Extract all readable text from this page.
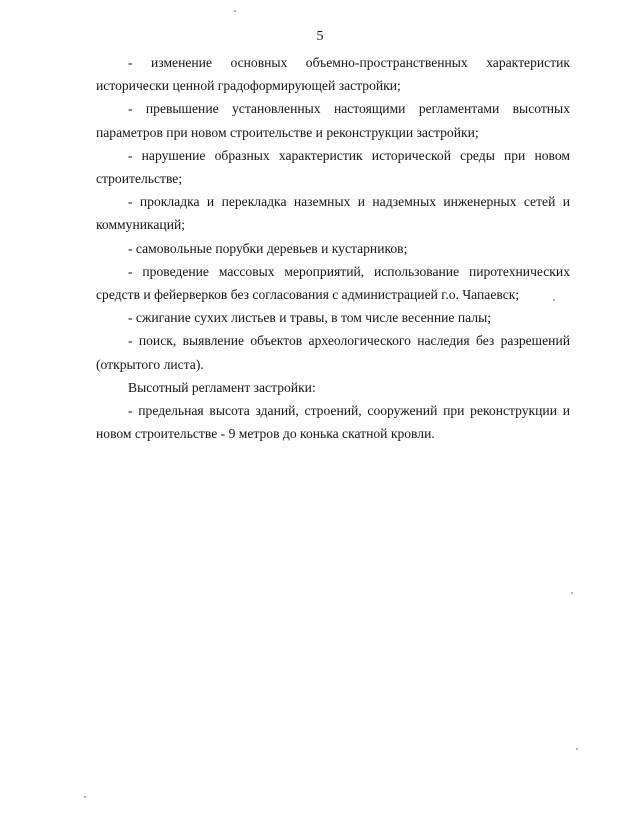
5

- изменение основных объемно-пространственных характеристик исторически ценной градоформирующей застройки;

- превышение установленных настоящими регламентами высотных параметров при новом строительстве и реконструкции застройки;

- нарушение образных характеристик исторической среды при новом строительстве;

- прокладка и перекладка наземных и надземных инженерных сетей и коммуникаций;

- самовольные порубки деревьев и кустарников;

- проведение массовых мероприятий, использование пиротехнических средств и фейерверков без согласования с администрацией г.о. Чапаевск;

- сжигание сухих листьев и травы, в том числе весенние палы;

- поиск, выявление объектов археологического наследия без разрешений (открытого листа).

Высотный регламент застройки:

- предельная высота зданий, строений, сооружений при реконструкции и новом строительстве - 9 метров до конька скатной кровли.
